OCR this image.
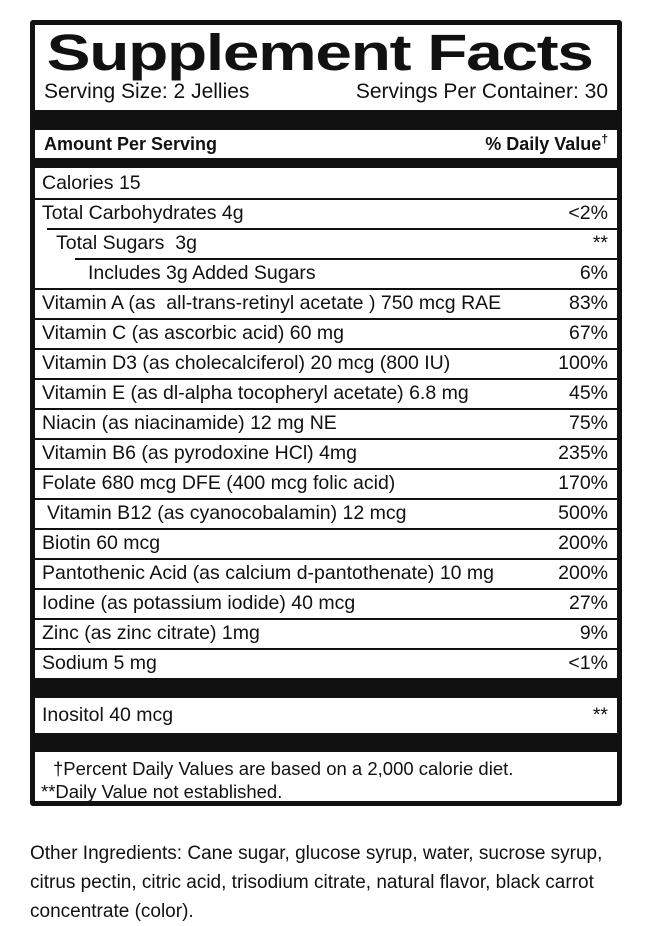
Supplement Facts
Serving Size: 2 Jellies	Servings Per Container: 30
Amount Per Serving	% Daily Value†
Calories 15
Total Carbohydrates 4g	<2%
Total Sugars  3g	**
Includes 3g Added Sugars	6%
Vitamin A (as  all-trans-retinyl acetate ) 750 mcg RAE	83%
Vitamin C (as ascorbic acid) 60 mg	67%
Vitamin D3 (as cholecalciferol) 20 mcg (800 IU)	100%
Vitamin E (as dl-alpha tocopheryl acetate) 6.8 mg	45%
Niacin (as niacinamide) 12 mg NE	75%
Vitamin B6 (as pyrodoxine HCl) 4mg	235%
Folate 680 mcg DFE (400 mcg folic acid)	170%
Vitamin B12 (as cyanocobalamin) 12 mcg	500%
Biotin 60 mcg	200%
Pantothenic Acid (as calcium d-pantothenate) 10 mg	200%
Iodine (as potassium iodide) 40 mcg	27%
Zinc (as zinc citrate) 1mg	9%
Sodium 5 mg	<1%
Inositol 40 mcg	**
†Percent Daily Values are based on a 2,000 calorie diet.
**Daily Value not established.

Other Ingredients: Cane sugar, glucose syrup, water, sucrose syrup, citrus pectin, citric acid, trisodium citrate, natural flavor, black carrot concentrate (color).
